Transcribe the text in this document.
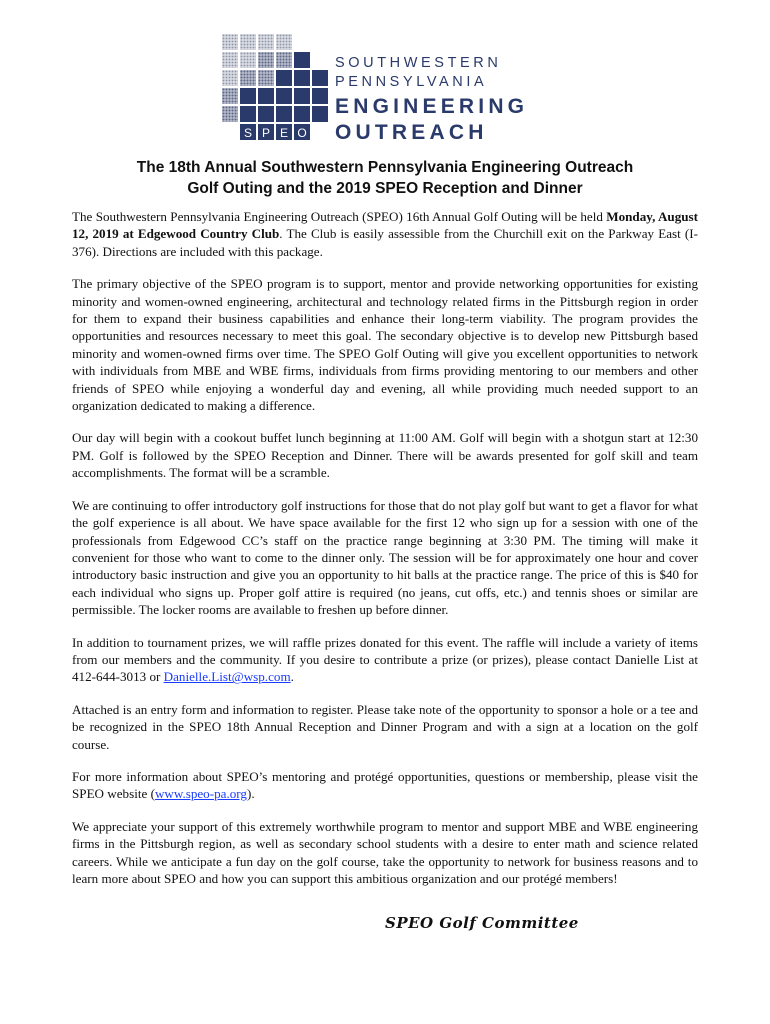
S P E O
SOUTHWESTERN
PENNSYLVANIA
ENGINEERING
OUTREACH
The 18th Annual Southwestern Pennsylvania Engineering Outreach
Golf Outing and the 2019 SPEO Reception and Dinner

The Southwestern Pennsylvania Engineering Outreach (SPEO) 16th Annual Golf Outing will be held Monday, August 12, 2019 at Edgewood Country Club. The Club is easily assessible from the Churchill exit on the Parkway East (I-376). Directions are included with this package.

The primary objective of the SPEO program is to support, mentor and provide networking opportunities for existing minority and women-owned engineering, architectural and technology related firms in the Pittsburgh region in order for them to expand their business capabilities and enhance their long-term viability. The program provides the opportunities and resources necessary to meet this goal. The secondary objective is to develop new Pittsburgh based minority and women-owned firms over time. The SPEO Golf Outing will give you excellent opportunities to network with individuals from MBE and WBE firms, individuals from firms providing mentoring to our members and other friends of SPEO while enjoying a wonderful day and evening, all while providing much needed support to an organization dedicated to making a difference.

Our day will begin with a cookout buffet lunch beginning at 11:00 AM. Golf will begin with a shotgun start at 12:30 PM. Golf is followed by the SPEO Reception and Dinner. There will be awards presented for golf skill and team accomplishments. The format will be a scramble.

We are continuing to offer introductory golf instructions for those that do not play golf but want to get a flavor for what the golf experience is all about. We have space available for the first 12 who sign up for a session with one of the professionals from Edgewood CC’s staff on the practice range beginning at 3:30 PM. The timing will make it convenient for those who want to come to the dinner only. The session will be for approximately one hour and cover introductory basic instruction and give you an opportunity to hit balls at the practice range. The price of this is $40 for each individual who signs up. Proper golf attire is required (no jeans, cut offs, etc.) and tennis shoes or similar are permissible. The locker rooms are available to freshen up before dinner.

In addition to tournament prizes, we will raffle prizes donated for this event. The raffle will include a variety of items from our members and the community. If you desire to contribute a prize (or prizes), please contact Danielle List at 412-644-3013 or Danielle.List@wsp.com.

Attached is an entry form and information to register. Please take note of the opportunity to sponsor a hole or a tee and be recognized in the SPEO 18th Annual Reception and Dinner Program and with a sign at a location on the golf course.

For more information about SPEO’s mentoring and protégé opportunities, questions or membership, please visit the SPEO website (www.speo-pa.org).

We appreciate your support of this extremely worthwhile program to mentor and support MBE and WBE engineering firms in the Pittsburgh region, as well as secondary school students with a desire to enter math and science related careers. While we anticipate a fun day on the golf course, take the opportunity to network for business reasons and to learn more about SPEO and how you can support this ambitious organization and our protégé members!

SPEO Golf Committee
